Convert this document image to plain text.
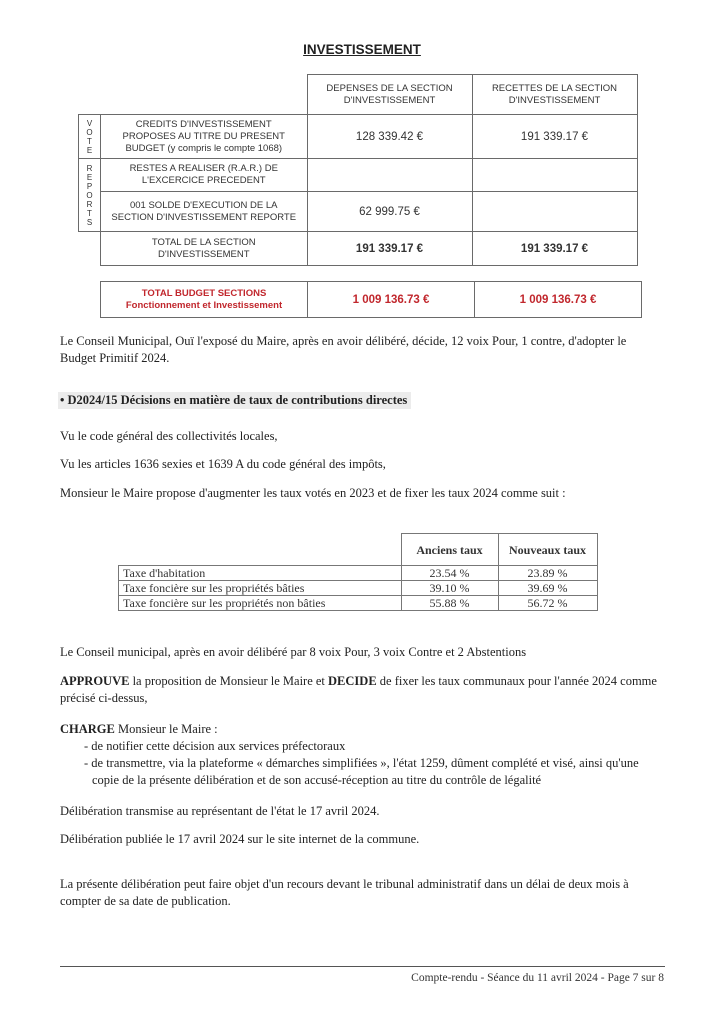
INVESTISSEMENT
		DEPENSES DE LA SECTION D'INVESTISSEMENT	RECETTES DE LA SECTION D'INVESTISSEMENT

V
O
T
E	CREDITS D'INVESTISSEMENT PROPOSES AU TITRE DU PRESENT BUDGET (y compris le compte 1068)	128 339.42 €	191 339.17 €

R
E
P
O
R
T
S
	RESTES A REALISER (R.A.R.) DE L'EXCERCICE PRECEDENT		
	001 SOLDE D'EXECUTION DE LA SECTION D'INVESTISSEMENT REPORTE	62 999.75 €	
	TOTAL DE LA SECTION D'INVESTISSEMENT	191 339.17 €	191 339.17 €
TOTAL BUDGET SECTIONS
Fonctionnement et Investissement	1 009 136.73 €	1 009 136.73 €
Le Conseil Municipal, Ouï l'exposé du Maire, après en avoir délibéré, décide, 12 voix Pour, 1 contre, d'adopter le Budget Primitif 2024.
• D2024/15 Décisions en matière de taux de contributions directes
Vu le code général des collectivités locales,
Vu les articles 1636 sexies et 1639 A du code général des impôts,
Monsieur le Maire propose d'augmenter les taux votés en 2023 et de fixer les taux 2024 comme suit :
	Anciens taux	Nouveaux taux
Taxe d'habitation	23.54 %	23.89 %
Taxe foncière sur les propriétés bâties	39.10 %	39.69 %
Taxe foncière sur les propriétés non bâties	55.88 %	56.72 %
Le Conseil municipal, après en avoir délibéré par 8 voix Pour, 3 voix Contre et 2 Abstentions
APPROUVE la proposition de Monsieur le Maire et DECIDE de fixer les taux communaux pour l'année 2024 comme précisé ci-dessus,
CHARGE Monsieur le Maire :
- de notifier cette décision aux services préfectoraux
- de transmettre, via la plateforme « démarches simplifiées », l'état 1259, dûment complété et visé, ainsi qu'une copie de la présente délibération et de son accusé-réception au titre du contrôle de légalité
Délibération transmise au représentant de l'état le 17 avril 2024.
Délibération publiée le 17 avril 2024 sur le site internet de la commune.
La présente délibération peut faire objet d'un recours devant le tribunal administratif dans un délai de deux mois à compter de sa date de publication.
Compte-rendu - Séance du 11 avril 2024 - Page 7 sur 8
